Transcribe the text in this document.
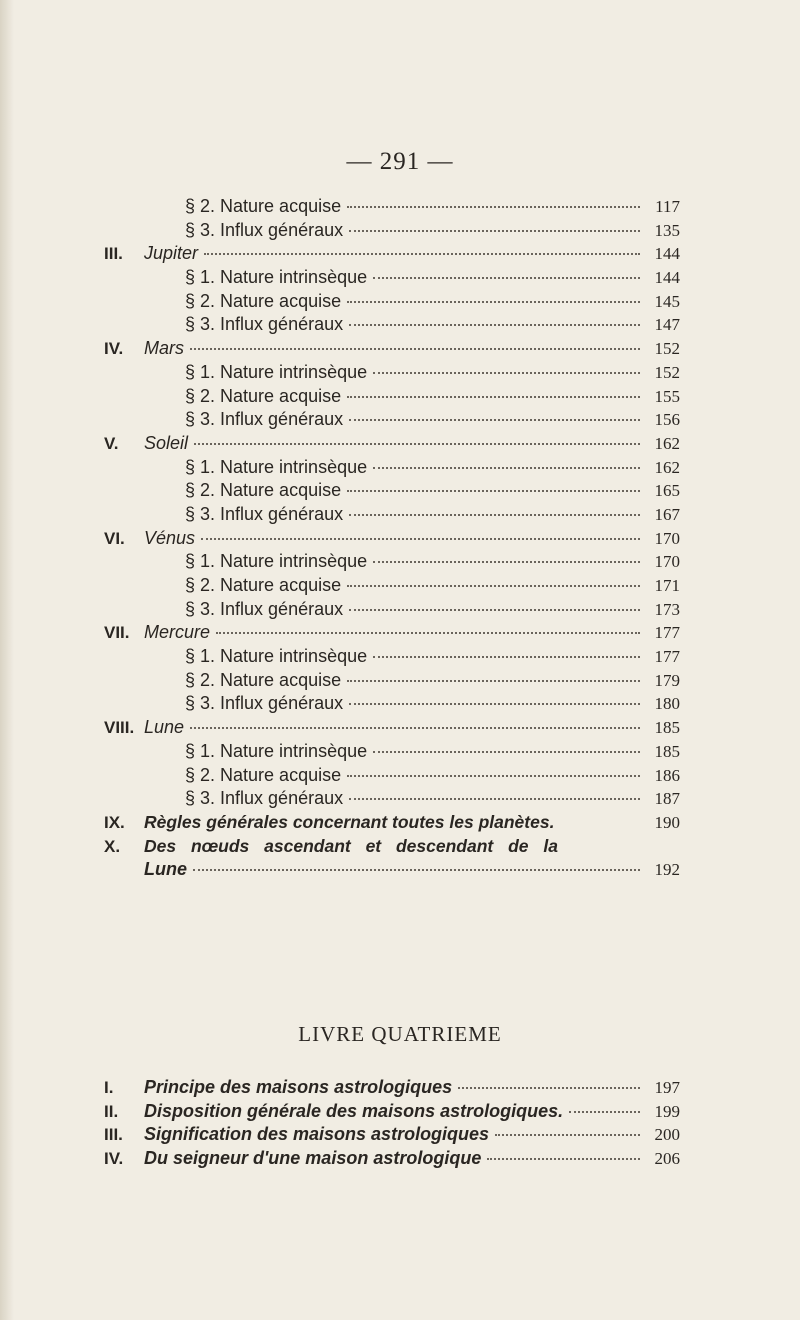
— 291 —
§ 2. Nature acquise	117
§ 3. Influx généraux	135
III.	Jupiter	144
§ 1. Nature intrinsèque	144
§ 2. Nature acquise	145
§ 3. Influx généraux	147
IV.	Mars	152
§ 1. Nature intrinsèque	152
§ 2. Nature acquise	155
§ 3. Influx généraux	156
V.	Soleil	162
§ 1. Nature intrinsèque	162
§ 2. Nature acquise	165
§ 3. Influx généraux	167
VI.	Vénus	170
§ 1. Nature intrinsèque	170
§ 2. Nature acquise	171
§ 3. Influx généraux	173
VII. Mercure	177
§ 1. Nature intrinsèque	177
§ 2. Nature acquise	179
§ 3. Influx généraux	180
VIII. Lune	185
§ 1. Nature intrinsèque	185
§ 2. Nature acquise	186
§ 3. Influx généraux	187
IX.	Règles générales concernant toutes les planètes.	190
X.	Des nœuds ascendant et descendant de la
Lune	192
LIVRE QUATRIEME
I.	Principe des maisons astrologiques	197
II.	Disposition générale des maisons astrologiques.	199
III.	Signification des maisons astrologiques	200
IV.	Du seigneur d'une maison astrologique	206
